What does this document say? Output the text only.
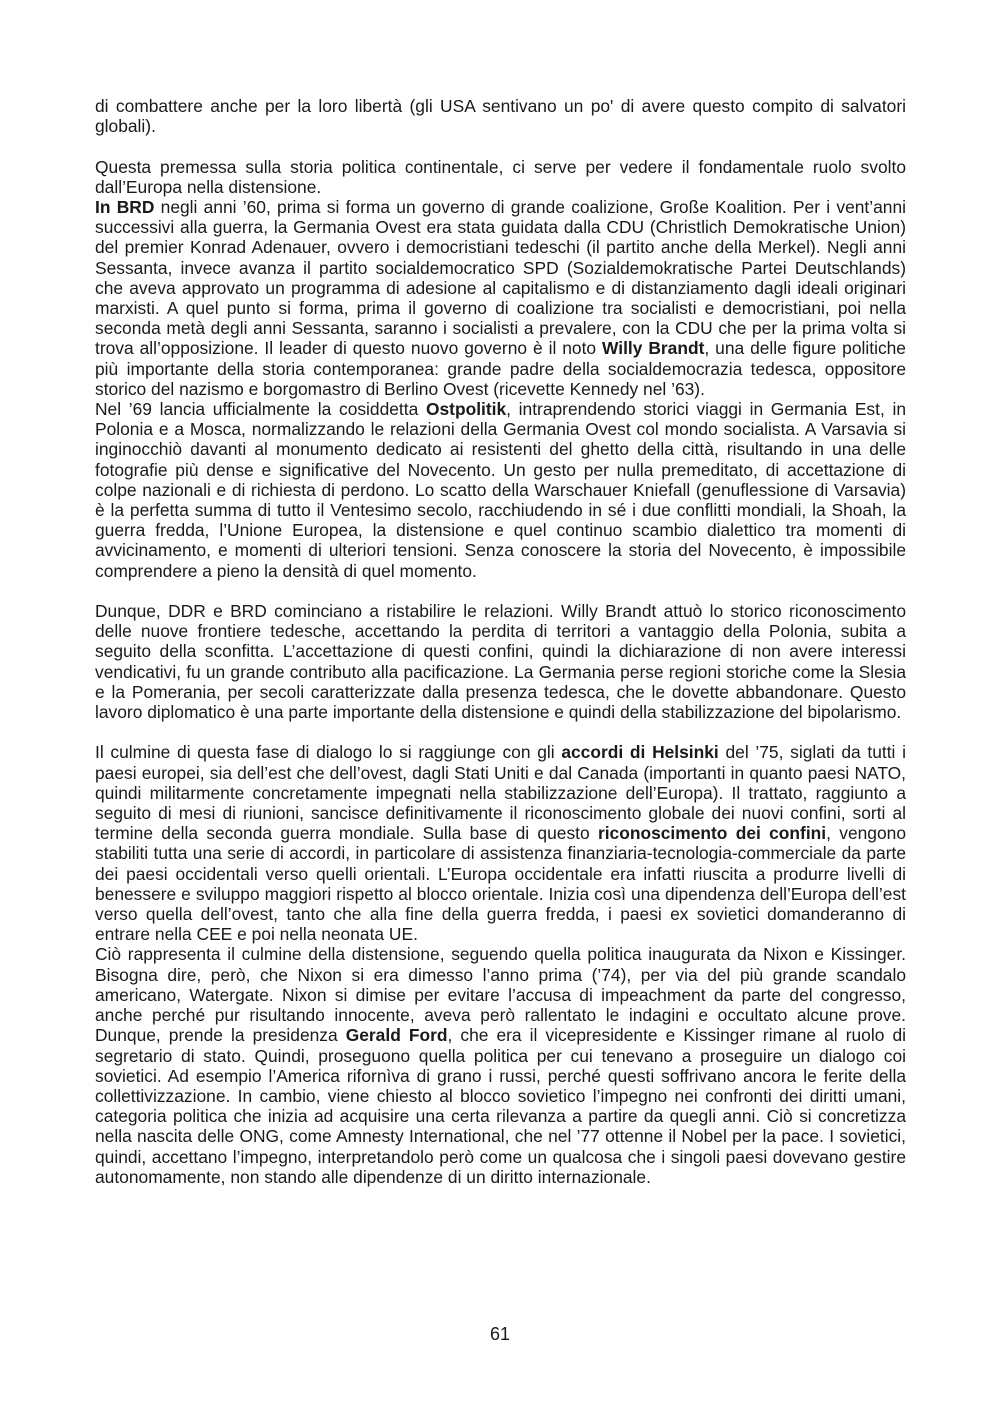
di combattere anche per la loro libertà (gli USA sentivano un po' di avere questo compito di salvatori globali).

Questa premessa sulla storia politica continentale, ci serve per vedere il fondamentale ruolo svolto dall’Europa nella distensione.

In BRD negli anni ’60, prima si forma un governo di grande coalizione, Große Koalition. Per i vent’anni successivi alla guerra, la Germania Ovest era stata guidata dalla CDU (Christlich Demokratische Union) del premier Konrad Adenauer, ovvero i democristiani tedeschi (il partito anche della Merkel). Negli anni Sessanta, invece avanza il partito socialdemocratico SPD (Sozialdemokratische Partei Deutschlands) che aveva approvato un programma di adesione al capitalismo e di distanziamento dagli ideali originari marxisti. A quel punto si forma, prima il governo di coalizione tra socialisti e democristiani, poi nella seconda metà degli anni Sessanta, saranno i socialisti a prevalere, con la CDU che per la prima volta si trova all’opposizione. Il leader di questo nuovo governo è il noto Willy Brandt, una delle figure politiche più importante della storia contemporanea: grande padre della socialdemocrazia tedesca, oppositore storico del nazismo e borgomastro di Berlino Ovest (ricevette Kennedy nel ’63).

Nel ’69 lancia ufficialmente la cosiddetta Ostpolitik, intraprendendo storici viaggi in Germania Est, in Polonia e a Mosca, normalizzando le relazioni della Germania Ovest col mondo socialista. A Varsavia si inginocchiò davanti al monumento dedicato ai resistenti del ghetto della città, risultando in una delle fotografie più dense e significative del Novecento. Un gesto per nulla premeditato, di accettazione di colpe nazionali e di richiesta di perdono. Lo scatto della Warschauer Kniefall (genuflessione di Varsavia) è la perfetta summa di tutto il Ventesimo secolo, racchiudendo in sé i due conflitti mondiali, la Shoah, la guerra fredda, l’Unione Europea, la distensione e quel continuo scambio dialettico tra momenti di avvicinamento, e momenti di ulteriori tensioni. Senza conoscere la storia del Novecento, è impossibile comprendere a pieno la densità di quel momento.

Dunque, DDR e BRD cominciano a ristabilire le relazioni. Willy Brandt attuò lo storico riconoscimento delle nuove frontiere tedesche, accettando la perdita di territori a vantaggio della Polonia, subita a seguito della sconfitta. L’accettazione di questi confini, quindi la dichiarazione di non avere interessi vendicativi, fu un grande contributo alla pacificazione. La Germania perse regioni storiche come la Slesia e la Pomerania, per secoli caratterizzate dalla presenza tedesca, che le dovette abbandonare. Questo lavoro diplomatico è una parte importante della distensione e quindi della stabilizzazione del bipolarismo.

Il culmine di questa fase di dialogo lo si raggiunge con gli accordi di Helsinki del ’75, siglati da tutti i paesi europei, sia dell’est che dell’ovest, dagli Stati Uniti e dal Canada (importanti in quanto paesi NATO, quindi militarmente concretamente impegnati nella stabilizzazione dell’Europa). Il trattato, raggiunto a seguito di mesi di riunioni, sancisce definitivamente il riconoscimento globale dei nuovi confini, sorti al termine della seconda guerra mondiale. Sulla base di questo riconoscimento dei confini, vengono stabiliti tutta una serie di accordi, in particolare di assistenza finanziaria-tecnologia-commerciale da parte dei paesi occidentali verso quelli orientali. L’Europa occidentale era infatti riuscita a produrre livelli di benessere e sviluppo maggiori rispetto al blocco orientale. Inizia così una dipendenza dell’Europa dell’est verso quella dell’ovest, tanto che alla fine della guerra fredda, i paesi ex sovietici domanderanno di entrare nella CEE e poi nella neonata UE.

Ciò rappresenta il culmine della distensione, seguendo quella politica inaugurata da Nixon e Kissinger. Bisogna dire, però, che Nixon si era dimesso l’anno prima (’74), per via del più grande scandalo americano, Watergate. Nixon si dimise per evitare l’accusa di impeachment da parte del congresso, anche perché pur risultando innocente, aveva però rallentato le indagini e occultato alcune prove. Dunque, prende la presidenza Gerald Ford, che era il vicepresidente e Kissinger rimane al ruolo di segretario di stato. Quindi, proseguono quella politica per cui tenevano a proseguire un dialogo coi sovietici. Ad esempio l’America rifornìva di grano i russi, perché questi soffrivano ancora le ferite della collettivizzazione. In cambio, viene chiesto al blocco sovietico l’impegno nei confronti dei diritti umani, categoria politica che inizia ad acquisire una certa rilevanza a partire da quegli anni. Ciò si concretizza nella nascita delle ONG, come Amnesty International, che nel ’77 ottenne il Nobel per la pace. I sovietici, quindi, accettano l’impegno, interpretandolo però come un qualcosa che i singoli paesi dovevano gestire autonomamente, non stando alle dipendenze di un diritto internazionale.

61
